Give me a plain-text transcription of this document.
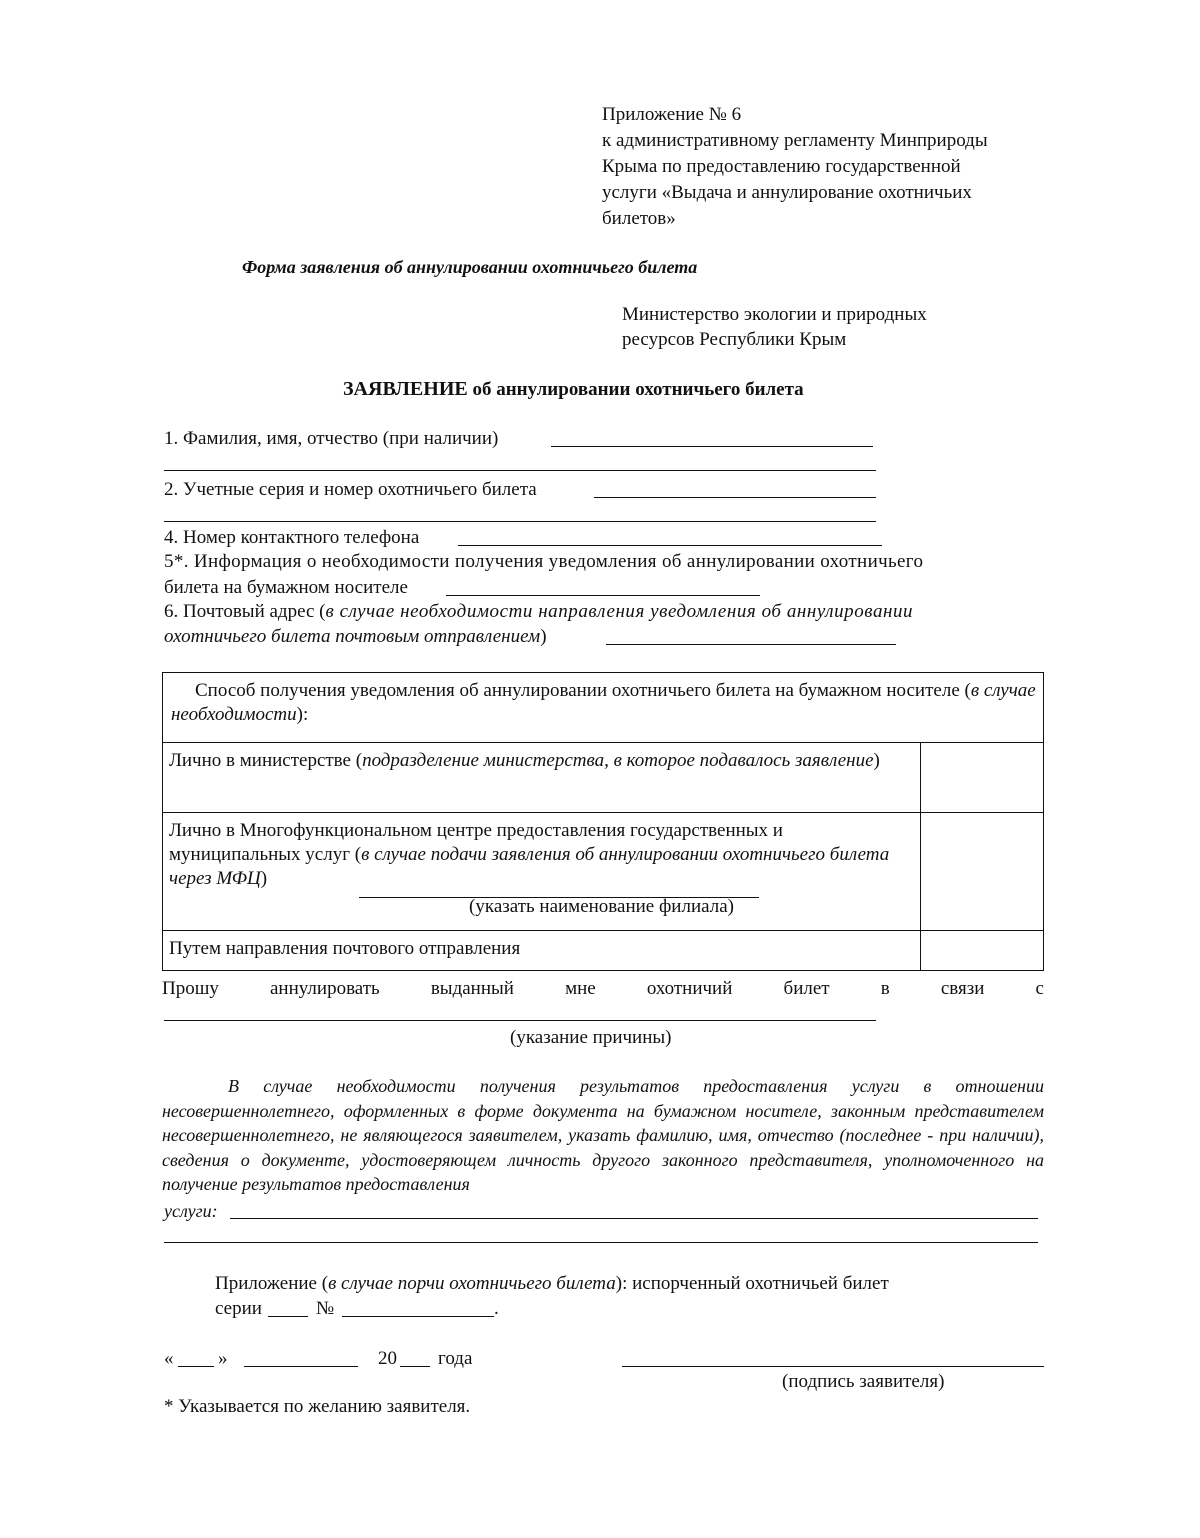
Приложение № 6
к административному регламенту Минприроды
Крыма по предоставлению государственной
услуги «Выдача и аннулирование охотничьих
билетов»
Форма заявления об аннулировании охотничьего билета
Министерство экологии и природных
ресурсов Республики Крым
ЗАЯВЛЕНИЕ об аннулировании охотничьего билета
1. Фамилия, имя, отчество (при наличии)
2. Учетные серия и номер охотничьего билета
4. Номер контактного телефона
5*. Информация о необходимости получения уведомления об аннулировании охотничьего
билета на бумажном носителе
6. Почтовый адрес (в случае необходимости направления уведомления об аннулировании
охотничьего билета почтовым отправлением)
Способ получения уведомления об аннулировании охотничьего билета на бумажном носителе (в случае необходимости):	
Лично в министерстве (подразделение министерства, в которое подавалось заявление)	
Лично в Многофункциональном центре предоставления государственных и муниципальных услуг (в случае подачи заявления об аннулировании охотничьего билета через МФЦ)
(указать наименование филиала)	

Путем направления почтового отправления	
Прошу	аннулировать	выданный	мне	охотничий	билет	в	связи	с
(указание причины)
В случае необходимости получения результатов предоставления услуги в отношении несовершеннолетнего, оформленных в форме документа на бумажном носителе, законным представителем несовершеннолетнего, не являющегося заявителем, указать фамилию, имя, отчество (последнее - при наличии), сведения о документе, удостоверяющем личность другого законного представителя, уполномоченного на получение результатов предоставления
услуги:
Приложение (в случае порчи охотничьего билета): испорченный охотничьей билет
серии	№	.
« »	20 года
(подпись заявителя)
* Указывается по желанию заявителя.
